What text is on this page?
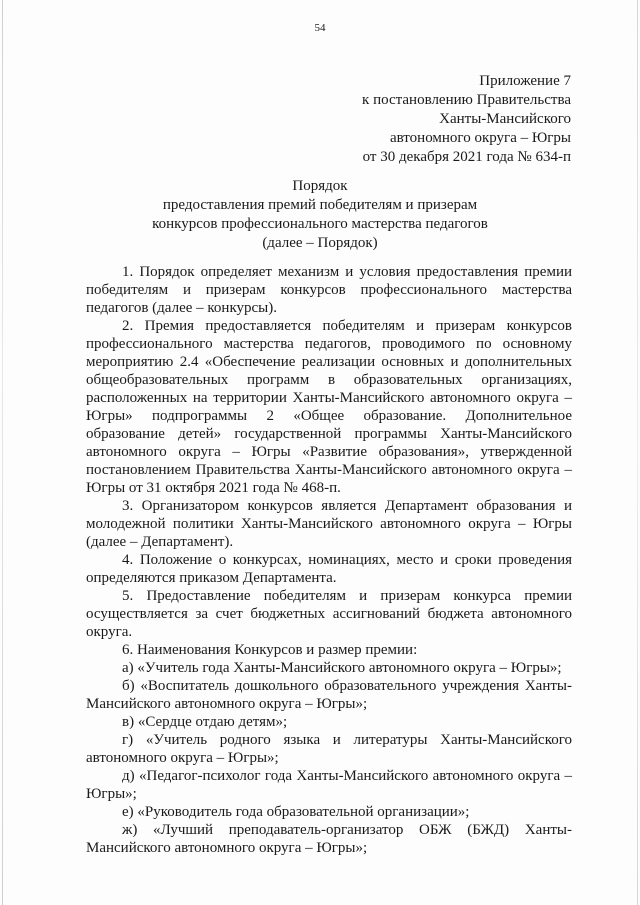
54
Приложение 7
к постановлению Правительства
Ханты-Мансийского
автономного округа – Югры
от 30 декабря 2021 года № 634-п
Порядок
предоставления премий победителям и призерам
конкурсов профессионального мастерства педагогов
(далее – Порядок)

1. Порядок определяет механизм и условия предоставления премии победителям и призерам конкурсов профессионального мастерства педагогов (далее – конкурсы).

2. Премия предоставляется победителям и призерам конкурсов профессионального мастерства педагогов, проводимого по основному мероприятию 2.4 «Обеспечение реализации основных и дополнительных общеобразовательных программ в образовательных организациях, расположенных на территории Ханты-Мансийского автономного округа – Югры» подпрограммы 2 «Общее образование. Дополнительное образование детей» государственной программы Ханты-Мансийского автономного округа – Югры «Развитие образования», утвержденной постановлением Правительства Ханты-Мансийского автономного округа – Югры от 31 октября 2021 года № 468-п.

3. Организатором конкурсов является Департамент образования и молодежной политики Ханты-Мансийского автономного округа – Югры (далее – Департамент).

4. Положение о конкурсах, номинациях, место и сроки проведения определяются приказом Департамента.

5. Предоставление победителям и призерам конкурса премии осуществляется за счет бюджетных ассигнований бюджета автономного округа.

6. Наименования Конкурсов и размер премии:

а) «Учитель года Ханты-Мансийского автономного округа – Югры»;

б) «Воспитатель дошкольного образовательного учреждения Ханты-Мансийского автономного округа – Югры»;

в) «Сердце отдаю детям»;

г) «Учитель родного языка и литературы Ханты-Мансийского автономного округа – Югры»;

д) «Педагог-психолог года Ханты-Мансийского автономного округа – Югры»;

е) «Руководитель года образовательной организации»;

ж) «Лучший преподаватель-организатор ОБЖ (БЖД) Ханты-Мансийского автономного округа – Югры»;
